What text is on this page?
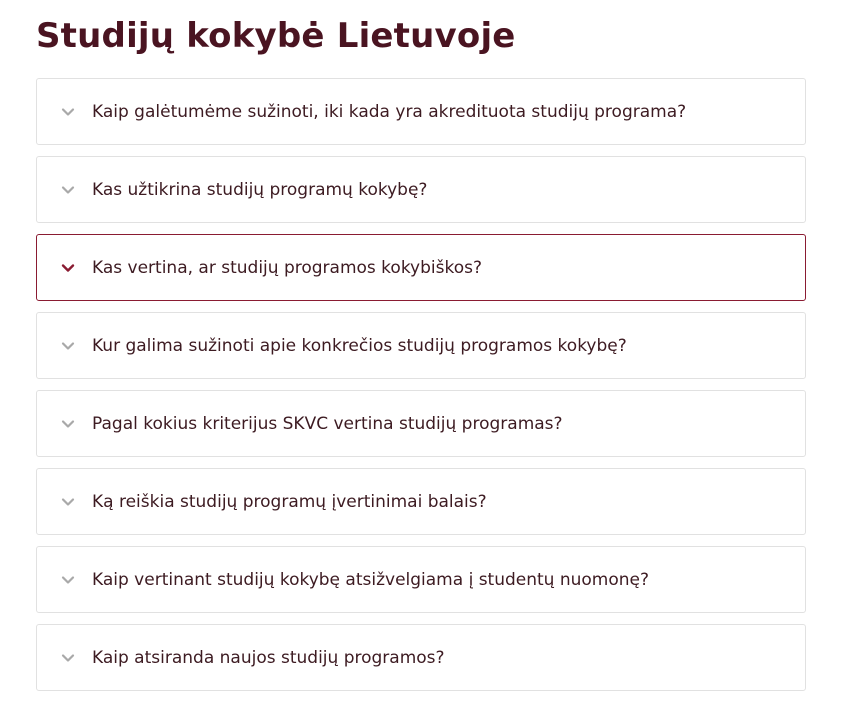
Studijų kokybė Lietuvoje
Kaip galėtumėme sužinoti, iki kada yra akredituota studijų programa?
Kas užtikrina studijų programų kokybę?
Kas vertina, ar studijų programos kokybiškos?
Kur galima sužinoti apie konkrečios studijų programos kokybę?
Pagal kokius kriterijus SKVC vertina studijų programas?
Ką reiškia studijų programų įvertinimai balais?
Kaip vertinant studijų kokybę atsižvelgiama į studentų nuomonę?
Kaip atsiranda naujos studijų programos?
